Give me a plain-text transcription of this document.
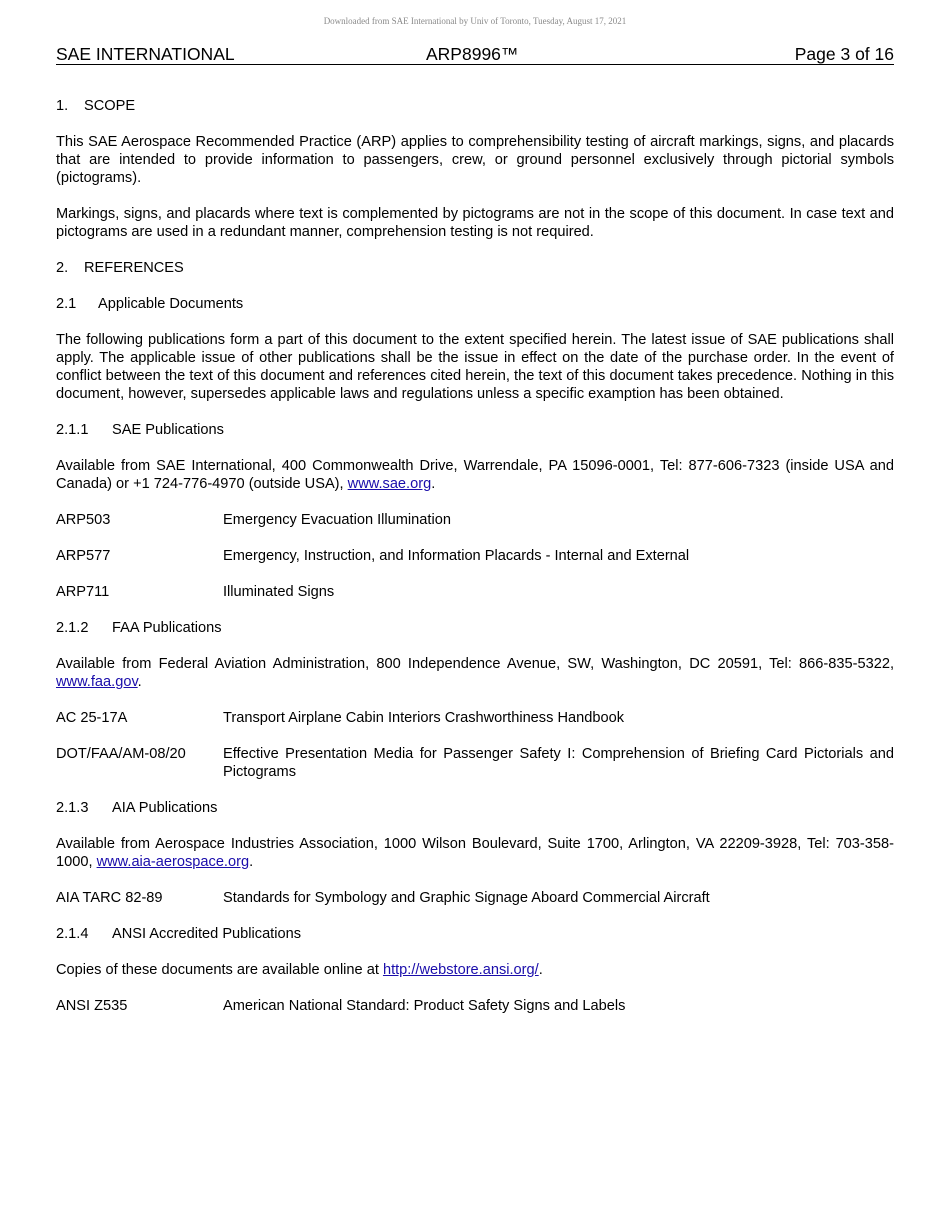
Downloaded from SAE International by Univ of Toronto, Tuesday, August 17, 2021
SAE INTERNATIONAL	ARP8996™	Page 3 of 16
1. SCOPE

This SAE Aerospace Recommended Practice (ARP) applies to comprehensibility testing of aircraft markings, signs, and placards that are intended to provide information to passengers, crew, or ground personnel exclusively through pictorial symbols (pictograms).

Markings, signs, and placards where text is complemented by pictograms are not in the scope of this document. In case text and pictograms are used in a redundant manner, comprehension testing is not required.

2. REFERENCES
2.1 Applicable Documents

The following publications form a part of this document to the extent specified herein. The latest issue of SAE publications shall apply. The applicable issue of other publications shall be the issue in effect on the date of the purchase order. In the event of conflict between the text of this document and references cited herein, the text of this document takes precedence. Nothing in this document, however, supersedes applicable laws and regulations unless a specific examption has been obtained.

2.1.1 SAE Publications

Available from SAE International, 400 Commonwealth Drive, Warrendale, PA 15096-0001, Tel: 877-606-7323 (inside USA and Canada) or +1 724-776-4970 (outside USA), www.sae.org.

ARP503	Emergency Evacuation Illumination
ARP577	Emergency, Instruction, and Information Placards - Internal and External
ARP711	Illuminated Signs
2.1.2 FAA Publications

Available from Federal Aviation Administration, 800 Independence Avenue, SW, Washington, DC 20591, Tel: 866-835-5322, www.faa.gov.

AC 25-17A	Transport Airplane Cabin Interiors Crashworthiness Handbook
DOT/FAA/AM-08/20	Effective Presentation Media for Passenger Safety I: Comprehension of Briefing Card Pictorials and Pictograms
2.1.3 AIA Publications

Available from Aerospace Industries Association, 1000 Wilson Boulevard, Suite 1700, Arlington, VA 22209-3928, Tel: 703-358-1000, www.aia-aerospace.org.

AIA TARC 82-89	Standards for Symbology and Graphic Signage Aboard Commercial Aircraft
2.1.4 ANSI Accredited Publications

Copies of these documents are available online at http://webstore.ansi.org/.

ANSI Z535	American National Standard: Product Safety Signs and Labels
